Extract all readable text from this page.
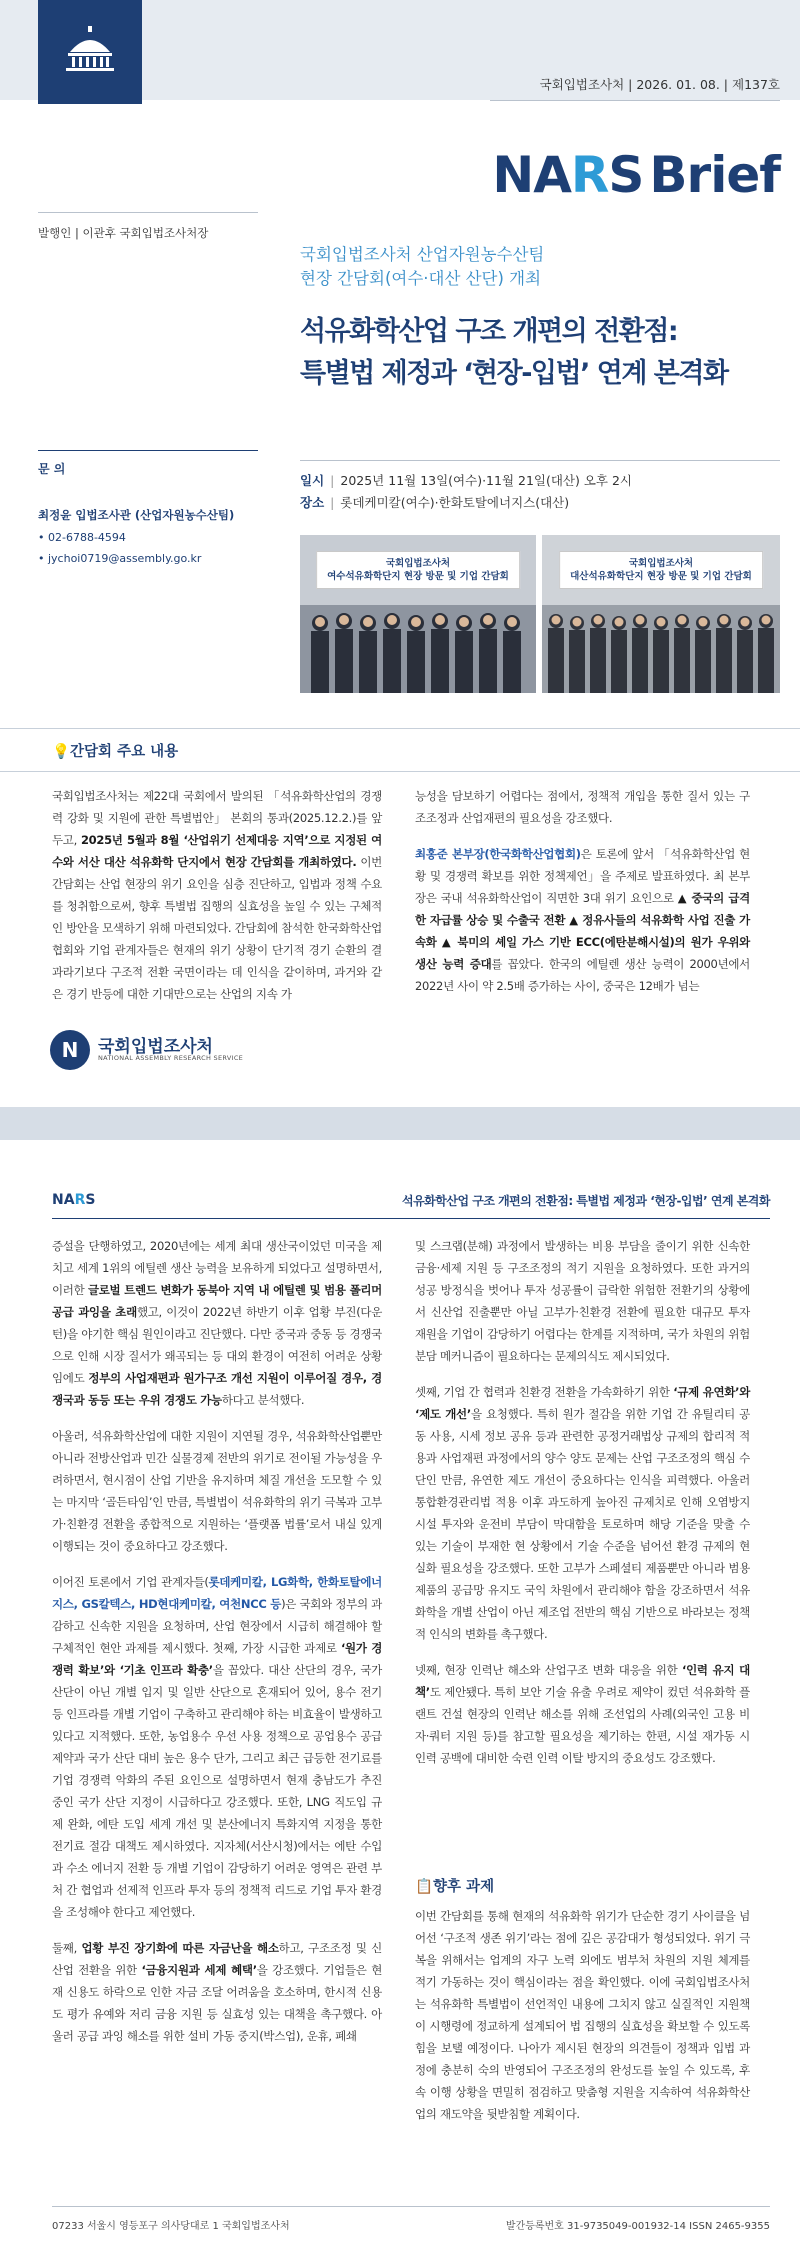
국회입법조사처 | 2026. 01. 08. | 제137호
NARS Brief
발행인 | 이관후 국회입법조사처장
국회입법조사처 산업자원농수산팀
현장 간담회(여수·대산 산단) 개최
석유화학산업 구조 개편의 전환점:
특별법 제정과 ‘현장-입법’ 연계 본격화
문 의
최정윤 입법조사관 (산업자원농수산팀)
• 02-6788-4594
• jychoi0719@assembly.go.kr
일시 | 2025년 11월 13일(여수)·11월 21일(대산) 오후 2시
장소 | 롯데케미칼(여수)·한화토탈에너지스(대산)
국회입법조사처
여수석유화학단지 현장 방문 및 기업 간담회
국회입법조사처
대산석유화학단지 현장 방문 및 기업 간담회
💡간담회 주요 내용

국회입법조사처는 제22대 국회에서 발의된 「석유화학산업의 경쟁력 강화 및 지원에 관한 특별법안」 본회의 통과(2025.12.2.)를 앞두고, 2025년 5월과 8월 ‘산업위기 선제대응 지역’으로 지정된 여수와 서산 대산 석유화학 단지에서 현장 간담회를 개최하였다. 이번 간담회는 산업 현장의 위기 요인을 심층 진단하고, 입법과 정책 수요를 청취함으로써, 향후 특별법 집행의 실효성을 높일 수 있는 구체적인 방안을 모색하기 위해 마련되었다. 간담회에 참석한 한국화학산업협회와 기업 관계자들은 현재의 위기 상황이 단기적 경기 순환의 결과라기보다 구조적 전환 국면이라는 데 인식을 같이하며, 과거와 같은 경기 반등에 대한 기대만으로는 산업의 지속 가

능성을 담보하기 어렵다는 점에서, 정책적 개입을 통한 질서 있는 구조조정과 산업재편의 필요성을 강조했다.

최홍준 본부장(한국화학산업협회)은 토론에 앞서 「석유화학산업 현황 및 경쟁력 확보를 위한 정책제언」을 주제로 발표하였다. 최 본부장은 국내 석유화학산업이 직면한 3대 위기 요인으로 ▲ 중국의 급격한 자급률 상승 및 수출국 전환 ▲ 정유사들의 석유화학 사업 진출 가속화 ▲ 북미의 셰일 가스 기반 ECC(에탄분해시설)의 원가 우위와 생산 능력 증대를 꼽았다. 한국의 에틸렌 생산 능력이 2000년에서 2022년 사이 약 2.5배 증가하는 사이, 중국은 12배가 넘는

N	국회입법조사처
NATIONAL ASSEMBLY RESEARCH SERVICE
NARS	석유화학산업 구조 개편의 전환점: 특별법 제정과 ‘현장-입법’ 연계 본격화

증설을 단행하였고, 2020년에는 세계 최대 생산국이었던 미국을 제치고 세계 1위의 에틸렌 생산 능력을 보유하게 되었다고 설명하면서, 이러한 글로벌 트렌드 변화가 동북아 지역 내 에틸렌 및 범용 폴리머 공급 과잉을 초래했고, 이것이 2022년 하반기 이후 업황 부진(다운턴)을 야기한 핵심 원인이라고 진단했다. 다만 중국과 중동 등 경쟁국으로 인해 시장 질서가 왜곡되는 등 대외 환경이 여전히 어려운 상황임에도 정부의 사업재편과 원가구조 개선 지원이 이루어질 경우, 경쟁국과 동등 또는 우위 경쟁도 가능하다고 분석했다.

아울러, 석유화학산업에 대한 지원이 지연될 경우, 석유화학산업뿐만 아니라 전방산업과 민간 실물경제 전반의 위기로 전이될 가능성을 우려하면서, 현시점이 산업 기반을 유지하며 체질 개선을 도모할 수 있는 마지막 ‘골든타임’인 만큼, 특별법이 석유화학의 위기 극복과 고부가·친환경 전환을 종합적으로 지원하는 ‘플랫폼 법률’로서 내실 있게 이행되는 것이 중요하다고 강조했다.

이어진 토론에서 기업 관계자들(롯데케미칼, LG화학, 한화토탈에너지스, GS칼텍스, HD현대케미칼, 여천NCC 등)은 국회와 정부의 과감하고 신속한 지원을 요청하며, 산업 현장에서 시급히 해결해야 할 구체적인 현안 과제를 제시했다. 첫째, 가장 시급한 과제로 ‘원가 경쟁력 확보’와 ‘기초 인프라 확충’을 꼽았다. 대산 산단의 경우, 국가 산단이 아닌 개별 입지 및 일반 산단으로 혼재되어 있어, 용수 전기 등 인프라를 개별 기업이 구축하고 관리해야 하는 비효율이 발생하고 있다고 지적했다. 또한, 농업용수 우선 사용 정책으로 공업용수 공급 제약과 국가 산단 대비 높은 용수 단가, 그리고 최근 급등한 전기료를 기업 경쟁력 악화의 주된 요인으로 설명하면서 현재 충남도가 추진 중인 국가 산단 지정이 시급하다고 강조했다. 또한, LNG 직도입 규제 완화, 에탄 도입 세계 개선 및 분산에너지 특화지역 지정을 통한 전기료 절감 대책도 제시하였다. 지자체(서산시청)에서는 에탄 수입과 수소 에너지 전환 등 개별 기업이 감당하기 어려운 영역은 관련 부처 간 협업과 선제적 인프라 투자 등의 정책적 리드로 기업 투자 환경을 조성해야 한다고 제언했다.

둘째, 업황 부진 장기화에 따른 자금난을 해소하고, 구조조정 및 신산업 전환을 위한 ‘금융지원과 세제 혜택’을 강조했다. 기업들은 현재 신용도 하락으로 인한 자금 조달 어려움을 호소하며, 한시적 신용도 평가 유예와 저리 금융 지원 등 실효성 있는 대책을 촉구했다. 아울러 공급 과잉 해소를 위한 설비 가동 중지(박스업), 운휴, 폐쇄

및 스크랩(분해) 과정에서 발생하는 비용 부담을 줄이기 위한 신속한 금융·세제 지원 등 구조조정의 적기 지원을 요청하였다. 또한 과거의 성공 방정식을 벗어나 투자 성공률이 급락한 위험한 전환기의 상황에서 신산업 진출뿐만 아닐 고부가·친환경 전환에 필요한 대규모 투자 재원을 기업이 감당하기 어렵다는 한계를 지적하며, 국가 차원의 위험 분담 메커니즘이 필요하다는 문제의식도 제시되었다.

셋째, 기업 간 협력과 친환경 전환을 가속화하기 위한 ‘규제 유연화’와 ‘제도 개선’을 요청했다. 특히 원가 절감을 위한 기업 간 유틸리티 공동 사용, 시세 정보 공유 등과 관련한 공정거래법상 규제의 합리적 적용과 사업재편 과정에서의 양수 양도 문제는 산업 구조조정의 핵심 수단인 만큼, 유연한 제도 개선이 중요하다는 인식을 피력했다. 아울러 통합환경관리법 적용 이후 과도하게 높아진 규제치로 인해 오염방지 시설 투자와 운전비 부담이 막대함을 토로하며 해당 기준을 맞출 수 있는 기술이 부재한 현 상황에서 기술 수준을 넘어선 환경 규제의 현실화 필요성을 강조했다. 또한 고부가 스페셜티 제품뿐만 아니라 범용 제품의 공급망 유지도 국익 차원에서 관리해야 함을 강조하면서 석유화학을 개별 산업이 아닌 제조업 전반의 핵심 기반으로 바라보는 정책적 인식의 변화를 촉구했다.

넷째, 현장 인력난 해소와 산업구조 변화 대응을 위한 ‘인력 유지 대책’도 제안됐다. 특히 보안 기술 유출 우려로 제약이 컸던 석유화학 플랜트 건설 현장의 인력난 해소를 위해 조선업의 사례(외국인 고용 비자·쿼터 지원 등)를 참고할 필요성을 제기하는 한편, 시설 재가동 시 인력 공백에 대비한 숙련 인력 이탈 방지의 중요성도 강조했다.

📋향후 과제

이번 간담회를 통해 현재의 석유화학 위기가 단순한 경기 사이클을 넘어선 ‘구조적 생존 위기’라는 점에 깊은 공감대가 형성되었다. 위기 극복을 위해서는 업계의 자구 노력 외에도 범부처 차원의 지원 체계를 적기 가동하는 것이 핵심이라는 점을 확인했다. 이에 국회입법조사처는 석유화학 특별법이 선언적인 내용에 그치지 않고 실질적인 지원책이 시행령에 정교하게 설계되어 법 집행의 실효성을 확보할 수 있도록 힘을 보탤 예정이다. 나아가 제시된 현장의 의견들이 정책과 입법 과정에 충분히 숙의 반영되어 구조조정의 완성도를 높일 수 있도록, 후속 이행 상황을 면밀히 점검하고 맞춤형 지원을 지속하여 석유화학산업의 재도약을 뒷받침할 계획이다.

07233 서울시 영등포구 의사당대로 1 국회입법조사처	발간등록번호 31-9735049-001932-14 ISSN 2465-9355
